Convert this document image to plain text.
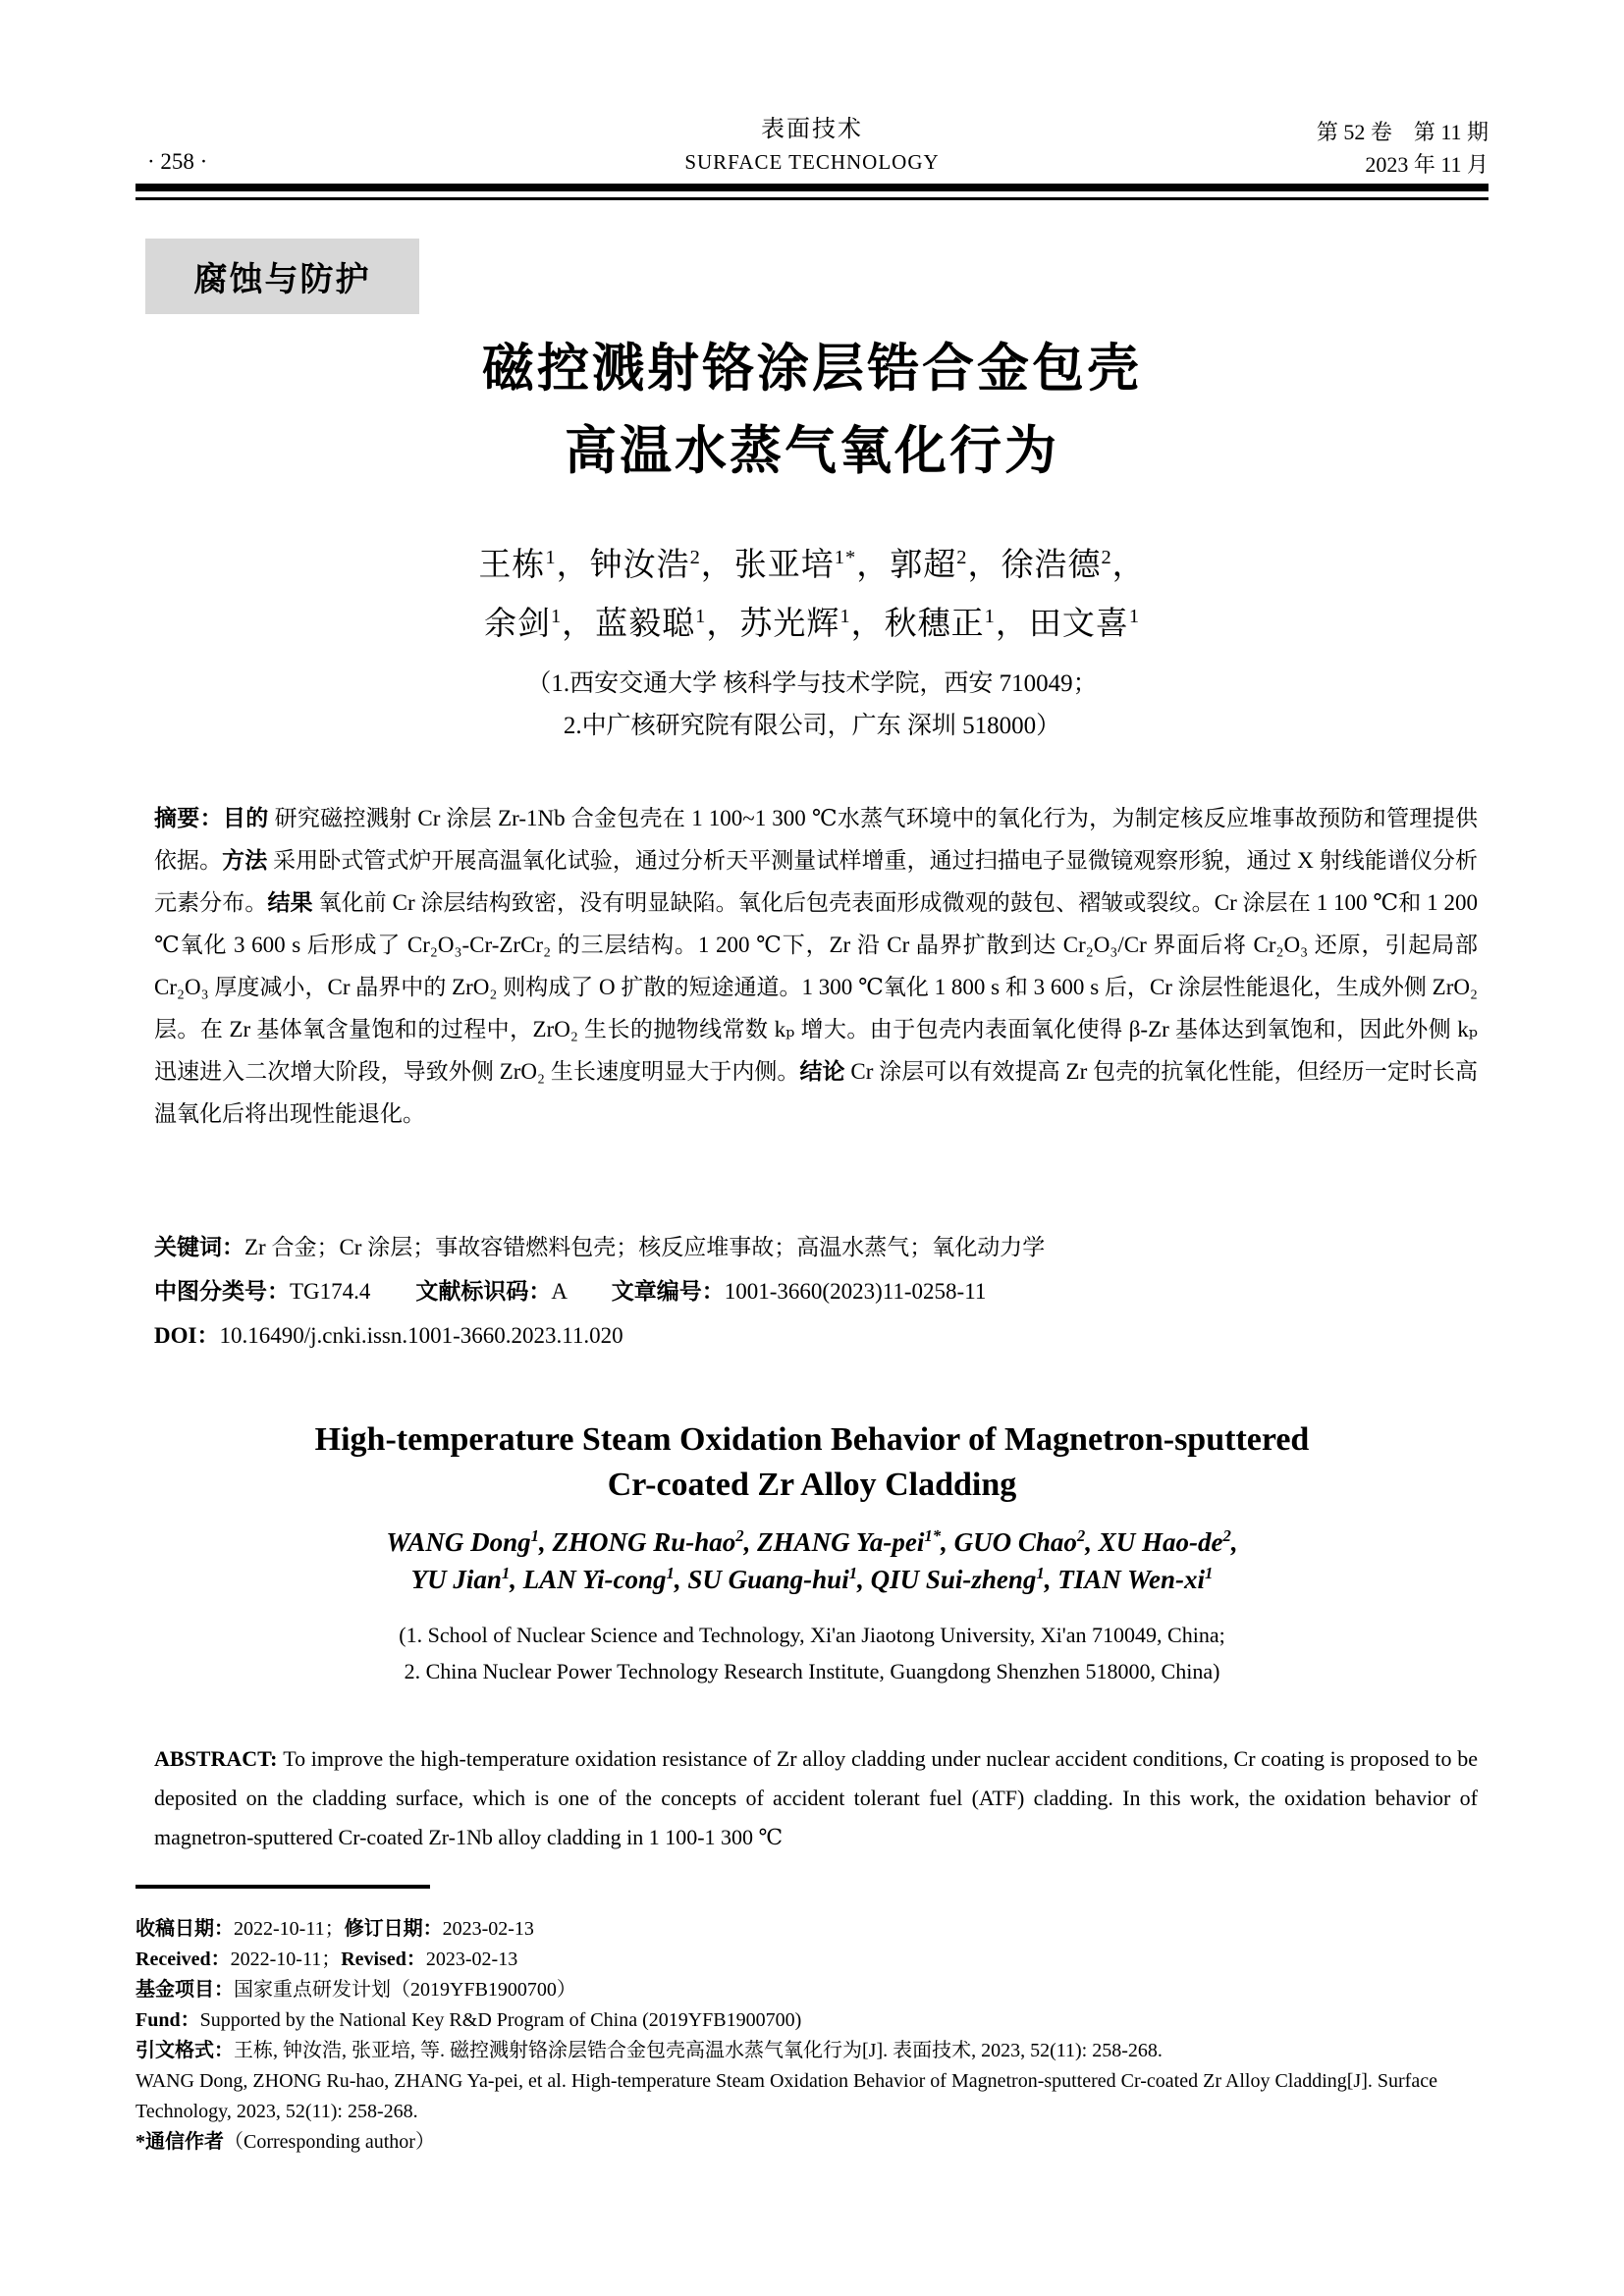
· 258 ·
表面技术
SURFACE TECHNOLOGY
第 52 卷　第 11 期
2023 年 11 月
腐蚀与防护
磁控溅射铬涂层锆合金包壳
高温水蒸气氧化行为
王栋$^1$，钟汝浩$^2$，张亚培$^{1*}$，郭超$^2$，徐浩德$^2$，
余剑$^1$，蓝毅聪$^1$，苏光辉$^1$，秋穗正$^1$，田文喜$^1$
（1.西安交通大学 核科学与技术学院，西安 710049；
2.中广核研究院有限公司，广东 深圳 518000）
摘要：目的 研究磁控溅射 Cr 涂层 Zr-1Nb 合金包壳在 1 100~1 300 ℃水蒸气环境中的氧化行为，为制定核反应堆事故预防和管理提供依据。方法 采用卧式管式炉开展高温氧化试验，通过分析天平测量试样增重，通过扫描电子显微镜观察形貌，通过 X 射线能谱仪分析元素分布。结果 氧化前 Cr 涂层结构致密，没有明显缺陷。氧化后包壳表面形成微观的鼓包、褶皱或裂纹。Cr 涂层在 1 100 ℃和 1 200 ℃氧化 3 600 s 后形成了 Cr₂O₃-Cr-ZrCr₂ 的三层结构。1 200 ℃下，Zr 沿 Cr 晶界扩散到达 Cr₂O₃/Cr 界面后将 Cr₂O₃ 还原，引起局部 Cr₂O₃ 厚度减小，Cr 晶界中的 ZrO₂ 则构成了 O 扩散的短途通道。1 300 ℃氧化 1 800 s 和 3 600 s 后，Cr 涂层性能退化，生成外侧 ZrO₂ 层。在 Zr 基体氧含量饱和的过程中，ZrO₂ 生长的抛物线常数 kₚ 增大。由于包壳内表面氧化使得 β-Zr 基体达到氧饱和，因此外侧 kₚ 迅速进入二次增大阶段，导致外侧 ZrO₂ 生长速度明显大于内侧。结论 Cr 涂层可以有效提高 Zr 包壳的抗氧化性能，但经历一定时长高温氧化后将出现性能退化。
关键词：Zr 合金；Cr 涂层；事故容错燃料包壳；核反应堆事故；高温水蒸气；氧化动力学
中图分类号：TG174.4　　文献标识码：A　　文章编号：1001-3660(2023)11-0258-11
DOI：10.16490/j.cnki.issn.1001-3660.2023.11.020
High-temperature Steam Oxidation Behavior of Magnetron-sputtered
Cr-coated Zr Alloy Cladding
WANG Dong$^1$, ZHONG Ru-hao$^2$, ZHANG Ya-pei$^{1*}$, GUO Chao$^2$, XU Hao-$de^2$,
YU Jian$^1$, LAN Yi-cong$^1$, SU Guang-hui$^1$, QIU Sui-zheng$^1$, TIAN Wen-$xi^1$
(1. School of Nuclear Science and Technology, Xi'an Jiaotong University, Xi'an 710049, China;
2. China Nuclear Power Technology Research Institute, Guangdong Shenzhen 518000, China)
ABSTRACT: To improve the high-temperature oxidation resistance of Zr alloy cladding under nuclear accident conditions, Cr coating is proposed to be deposited on the cladding surface, which is one of the concepts of accident tolerant fuel (ATF) cladding. In this work, the oxidation behavior of magnetron-sputtered Cr-coated Zr-1Nb alloy cladding in 1 100-1 300 ℃

收稿日期：2022-10-11；修订日期：2023-02-13

Received：2022-10-11；Revised：2023-02-13

基金项目：国家重点研发计划（2019YFB1900700）

Fund：Supported by the National Key R&D Program of China (2019YFB1900700)

引文格式：王栋, 钟汝浩, 张亚培, 等. 磁控溅射铬涂层锆合金包壳高温水蒸气氧化行为[J]. 表面技术, 2023, 52(11): 258-268.

WANG Dong, ZHONG Ru-hao, ZHANG Ya-pei, et al. High-temperature Steam Oxidation Behavior of Magnetron-sputtered Cr-coated Zr Alloy Cladding[J]. Surface Technology, 2023, 52(11): 258-268.

*通信作者（Corresponding author）
